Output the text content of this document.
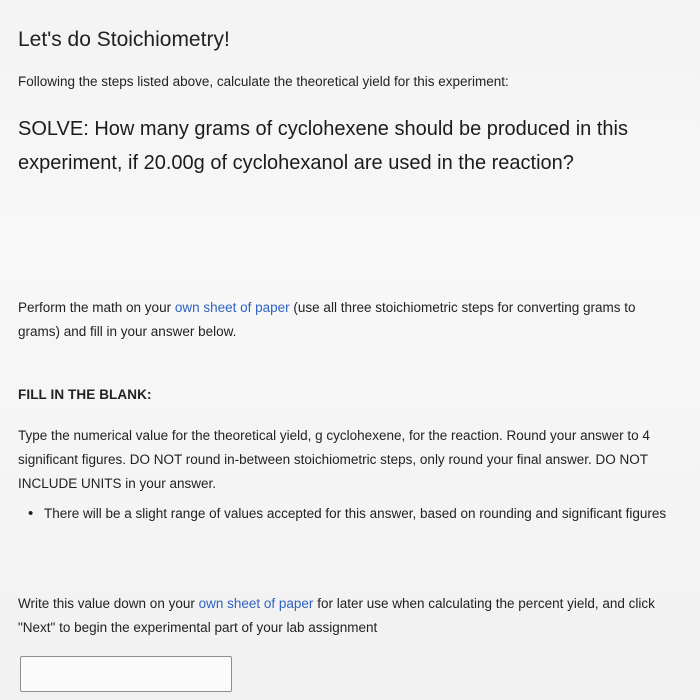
Let's do Stoichiometry!
Following the steps listed above, calculate the theoretical yield for this experiment:
SOLVE: How many grams of cyclohexene should be produced in this experiment, if 20.00g of cyclohexanol are used in the reaction?
Perform the math on your own sheet of paper (use all three stoichiometric steps for converting grams to grams) and fill in your answer below.
FILL IN THE BLANK:
Type the numerical value for the theoretical yield, g cyclohexene, for the reaction. Round your answer to 4 significant figures. DO NOT round in-between stoichiometric steps, only round your final answer. DO NOT INCLUDE UNITS in your answer.
• There will be a slight range of values accepted for this answer, based on rounding and significant figures
Write this value down on your own sheet of paper for later use when calculating the percent yield, and click "Next" to begin the experimental part of your lab assignment
